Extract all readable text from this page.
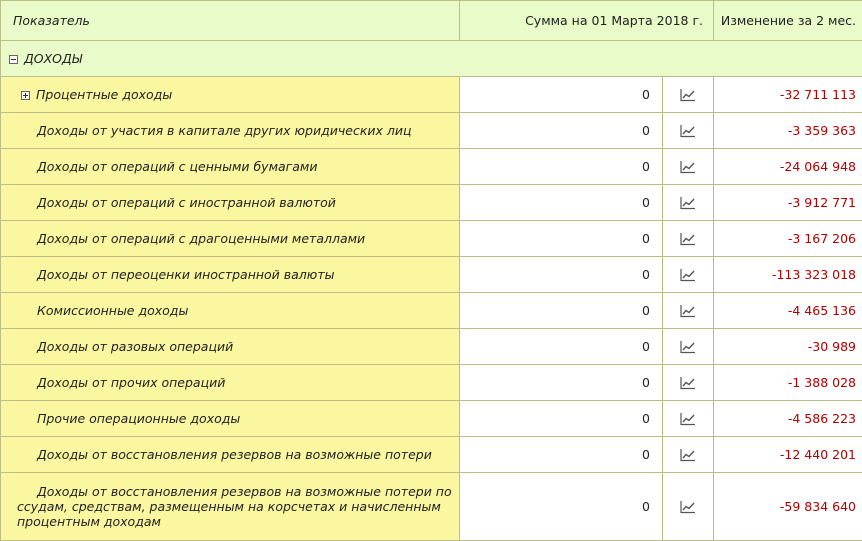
Показатель	Сумма на 01 Марта 2018 г.		Изменение за 2 мес.
ДОХОДЫ			
Процентные доходы	0		-32 711 113
Доходы от участия в капитале других юридических лиц	0		-3 359 363
Доходы от операций с ценными бумагами	0		-24 064 948
Доходы от операций с иностранной валютой	0		-3 912 771
Доходы от операций с драгоценными металлами	0		-3 167 206
Доходы от переоценки иностранной валюты	0		-113 323 018
Комиссионные доходы	0		-4 465 136
Доходы от разовых операций	0		-30 989
Доходы от прочих операций	0		-1 388 028
Прочие операционные доходы	0		-4 586 223
Доходы от восстановления резервов на возможные потери	0		-12 440 201
Доходы от восстановления резервов на возможные потери по ссудам, средствам, размещенным на корсчетах и начисленным процентным доходам	0		-59 834 640
